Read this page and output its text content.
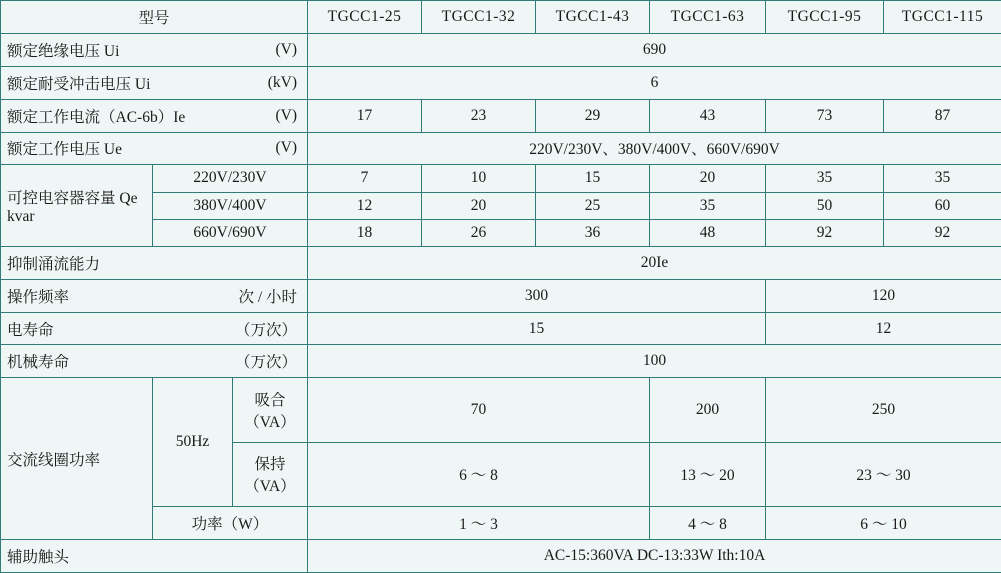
型号			TGCC1-25	TGCC1-32	TGCC1-43	TGCC1-63	TGCC1-95	TGCC1-115
额定绝缘电压 Ui (V)			690					
额定耐受冲击电压 Ui (kV)			6					
额定工作电流（AC-6b）Ie (V)			17	23	29	43	73	87
额定工作电压 Ue (V)			220V/230V、380V/400V、660V/690V					
可控电容器容量 Qe kvar	220V/230V		7	10	15	20	35	35
	380V/400V		12	20	25	35	50	60
	660V/690V		18	26	36	48	92	92
抑制涌流能力			20Ie					
操作频率 次 / 小时			300				120	
电寿命 （万次）			15				12	
机械寿命 （万次）			100					
交流线圈功率	50Hz	吸合（VA）	70			200	250	
		保持（VA）	6 ～ 8			13 ～ 20	23 ～ 30	
	功率（W）		1 ～ 3			4 ～ 8	6 ～ 10	
辅助触头			AC-15:360VA DC-13:33W Ith:10A					
